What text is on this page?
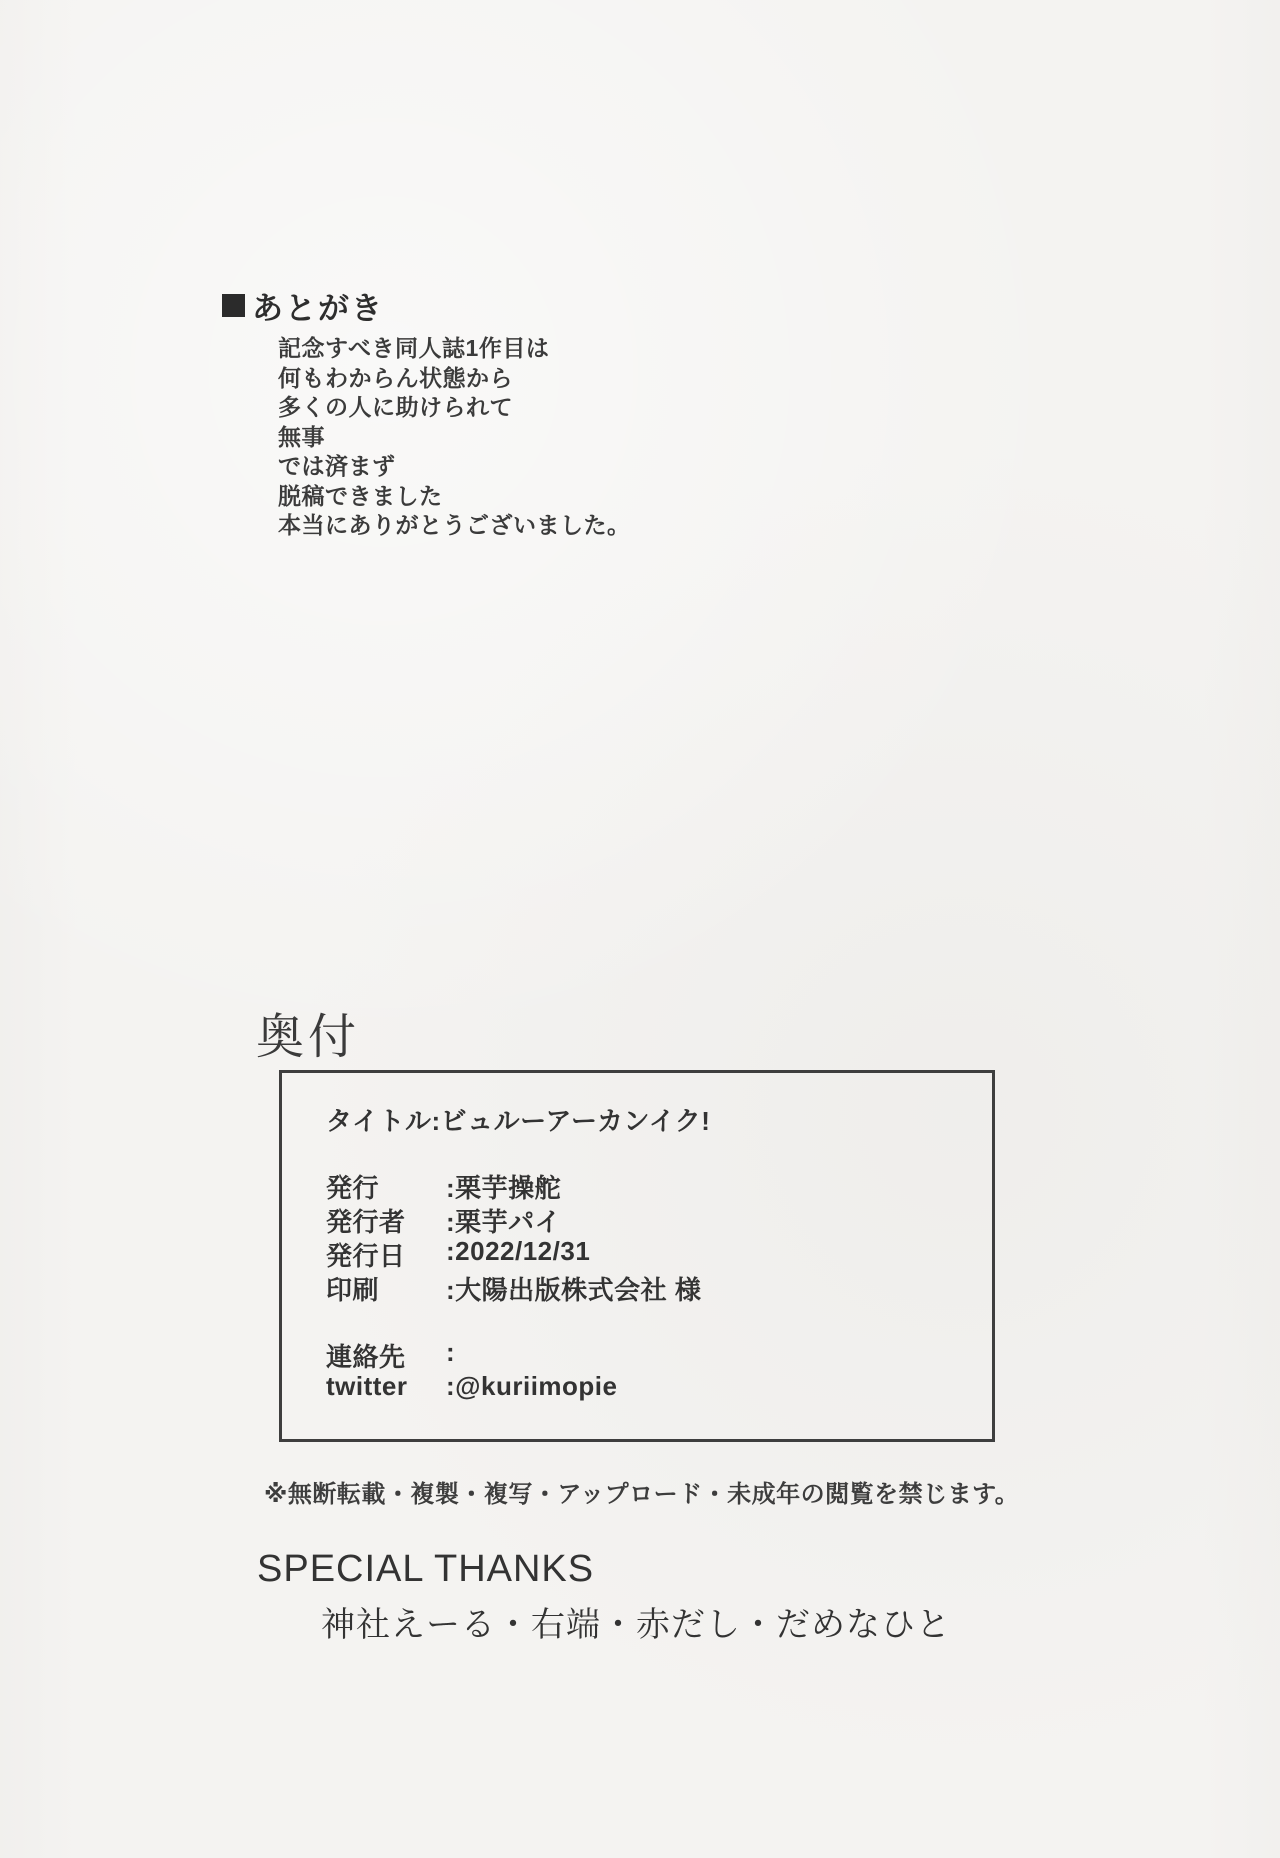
あとがき
記念すべき同人誌1作目は
何もわからん状態から
多くの人に助けられて
無事
では済まず
脱稿できました
本当にありがとうございました。
奥付
タイトル:ビュルーアーカンイク!
発行	:栗芋操舵
発行者	:栗芋パイ
発行日	:2022/12/31
印刷	:大陽出版株式会社 様
連絡先	:
twitter	:@kuriimopie
※無断転載・複製・複写・アップロード・未成年の閲覧を禁じます。
SPECIAL THANKS
神社えーる・右端・赤だし・だめなひと
